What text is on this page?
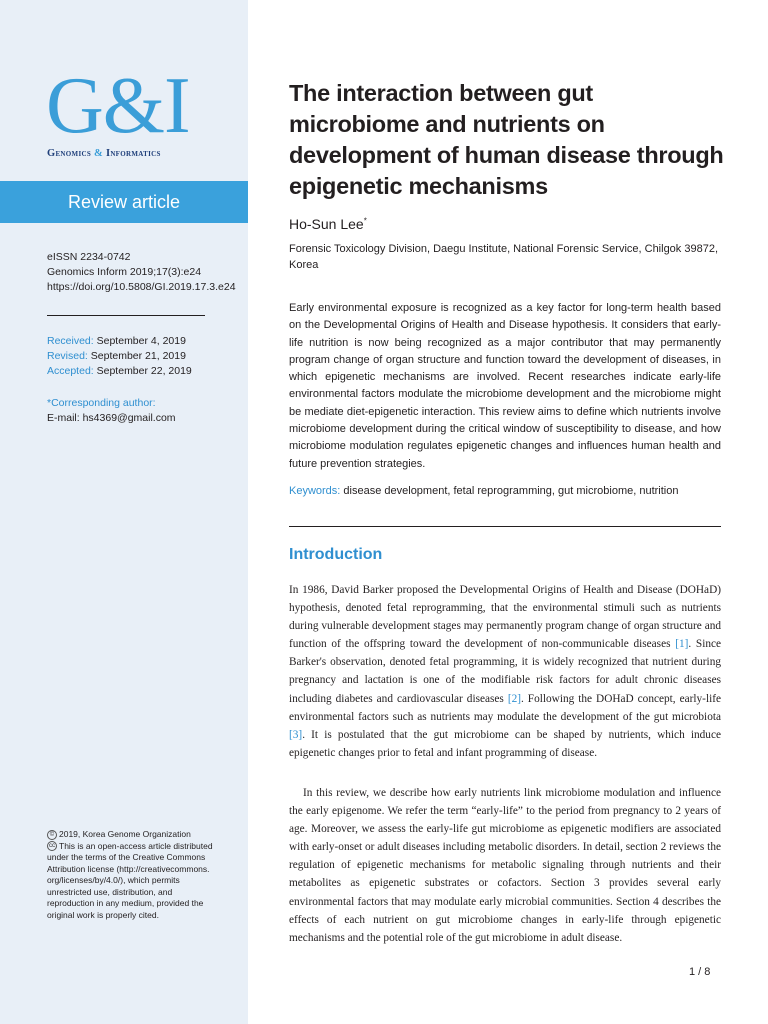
G&I
Genomics & Informatics
Review article
eISSN 2234-0742
Genomics Inform 2019;17(3):e24
https://doi.org/10.5808/GI.2019.17.3.e24
Received: September 4, 2019
Revised: September 21, 2019
Accepted: September 22, 2019
*Corresponding author:
E-mail: hs4369@gmail.com
© 2019, Korea Genome Organization
cc This is an open-access article distributed
under the terms of the Creative Commons
Attribution license (http://creativecommons.
org/licenses/by/4.0/), which permits
unrestricted use, distribution, and
reproduction in any medium, provided the
original work is properly cited.
The interaction between gut microbiome and nutrients on development of human disease through epigenetic mechanisms
Ho-Sun Lee*
Forensic Toxicology Division, Daegu Institute, National Forensic Service, Chilgok 39872, Korea
Early environmental exposure is recognized as a key factor for long-term health based on the Developmental Origins of Health and Disease hypothesis. It considers that early-life nutrition is now being recognized as a major contributor that may permanently program change of organ structure and function toward the development of diseases, in which epigenetic mechanisms are involved. Recent researches indicate early-life environmental factors modulate the microbiome development and the microbiome might be mediate diet-epigenetic interaction. This review aims to define which nutrients involve microbiome development during the critical window of susceptibility to disease, and how microbiome modulation regulates epigenetic changes and influences human health and future prevention strategies.
Keywords: disease development, fetal reprogramming, gut microbiome, nutrition
Introduction

In 1986, David Barker proposed the Developmental Origins of Health and Disease (DOHaD) hypothesis, denoted fetal reprogramming, that the environmental stimuli such as nutrients during vulnerable development stages may permanently program change of organ structure and function of the offspring toward the development of non-communicable diseases [1]. Since Barker's observation, denoted fetal programming, it is widely recognized that nutrient during pregnancy and lactation is one of the modifiable risk factors for adult chronic diseases including diabetes and cardiovascular diseases [2]. Following the DOHaD concept, early-life environmental factors such as nutrients may modulate the development of the gut microbiota [3]. It is postulated that the gut microbiome can be shaped by nutrients, which induce epigenetic changes prior to fetal and infant programming of disease.

In this review, we describe how early nutrients link microbiome modulation and influence the early epigenome. We refer the term “early-life” to the period from pregnancy to 2 years of age. Moreover, we assess the early-life gut microbiome as epigenetic modifiers are associated with early-onset or adult diseases including metabolic disorders. In detail, section 2 reviews the regulation of epigenetic mechanisms for metabolic signaling through nutrients and their metabolites as epigenetic substrates or cofactors. Section 3 provides several early environmental factors that may modulate early microbial communities. Section 4 describes the effects of each nutrient on gut microbiome changes in early-life through epigenetic mechanisms and the potential role of the gut microbiome in adult disease.

1 / 8
